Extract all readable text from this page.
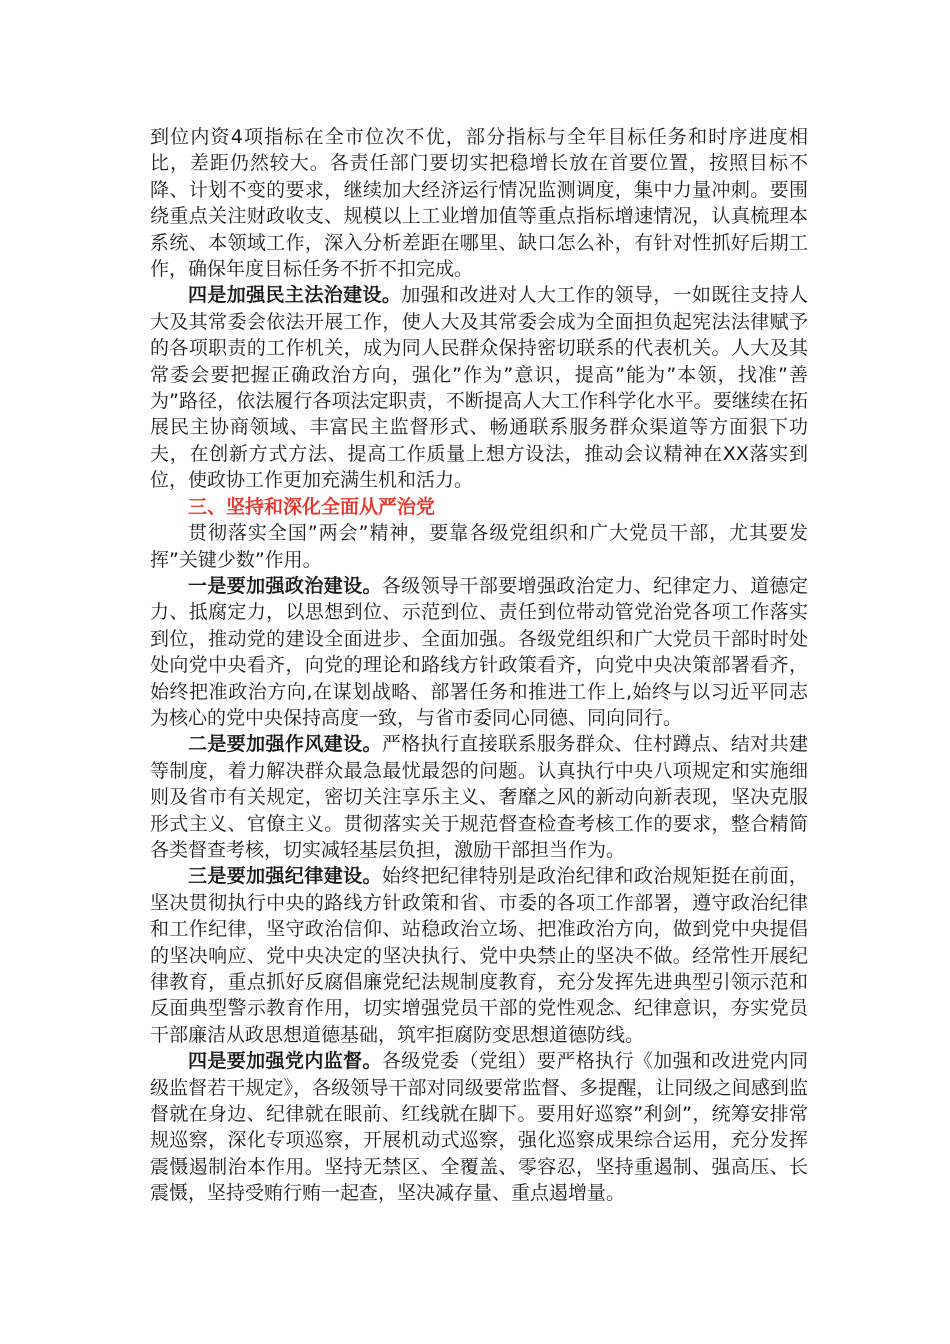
到位内资4项指标在全市位次不优，部分指标与全年目标任务和时序进度相比，差距仍然较大。各责任部门要切实把稳增长放在首要位置，按照目标不降、计划不变的要求，继续加大经济运行情况监测调度，集中力量冲刺。要围绕重点关注财政收支、规模以上工业增加值等重点指标增速情况，认真梳理本系统、本领域工作，深入分析差距在哪里、缺口怎么补，有针对性抓好后期工作，确保年度目标任务不折不扣完成。

四是加强民主法治建设。加强和改进对人大工作的领导，一如既往支持人大及其常委会依法开展工作，使人大及其常委会成为全面担负起宪法法律赋予的各项职责的工作机关，成为同人民群众保持密切联系的代表机关。人大及其常委会要把握正确政治方向，强化”作为”意识，提高”能为”本领，找准”善为”路径，依法履行各项法定职责，不断提高人大工作科学化水平。要继续在拓展民主协商领域、丰富民主监督形式、畅通联系服务群众渠道等方面狠下功夫，在创新方式方法、提高工作质量上想方设法，推动会议精神在XX落实到位，使政协工作更加充满生机和活力。

三、坚持和深化全面从严治党

贯彻落实全国”两会”精神，要靠各级党组织和广大党员干部，尤其要发挥”关键少数”作用。

一是要加强政治建设。各级领导干部要增强政治定力、纪律定力、道德定力、抵腐定力，以思想到位、示范到位、责任到位带动管党治党各项工作落实到位，推动党的建设全面进步、全面加强。各级党组织和广大党员干部时时处处向党中央看齐，向党的理论和路线方针政策看齐，向党中央决策部署看齐，始终把准政治方向,在谋划战略、部署任务和推进工作上,始终与以习近平同志为核心的党中央保持高度一致，与省市委同心同德、同向同行。

二是要加强作风建设。严格执行直接联系服务群众、住村蹲点、结对共建等制度，着力解决群众最急最忧最怨的问题。认真执行中央八项规定和实施细则及省市有关规定，密切关注享乐主义、奢靡之风的新动向新表现，坚决克服形式主义、官僚主义。贯彻落实关于规范督查检查考核工作的要求，整合精简各类督查考核，切实减轻基层负担，激励干部担当作为。

三是要加强纪律建设。始终把纪律特别是政治纪律和政治规矩挺在前面，坚决贯彻执行中央的路线方针政策和省、市委的各项工作部署，遵守政治纪律和工作纪律，坚守政治信仰、站稳政治立场、把准政治方向，做到党中央提倡的坚决响应、党中央决定的坚决执行、党中央禁止的坚决不做。经常性开展纪律教育，重点抓好反腐倡廉党纪法规制度教育，充分发挥先进典型引领示范和反面典型警示教育作用，切实增强党员干部的党性观念、纪律意识，夯实党员干部廉洁从政思想道德基础，筑牢拒腐防变思想道德防线。

四是要加强党内监督。各级党委（党组）要严格执行《加强和改进党内同级监督若干规定》，各级领导干部对同级要常监督、多提醒，让同级之间感到监督就在身边、纪律就在眼前、红线就在脚下。要用好巡察”利剑”，统筹安排常规巡察，深化专项巡察，开展机动式巡察，强化巡察成果综合运用，充分发挥震慑遏制治本作用。坚持无禁区、全覆盖、零容忍，坚持重遏制、强高压、长震慑，坚持受贿行贿一起查，坚决减存量、重点遏增量。
